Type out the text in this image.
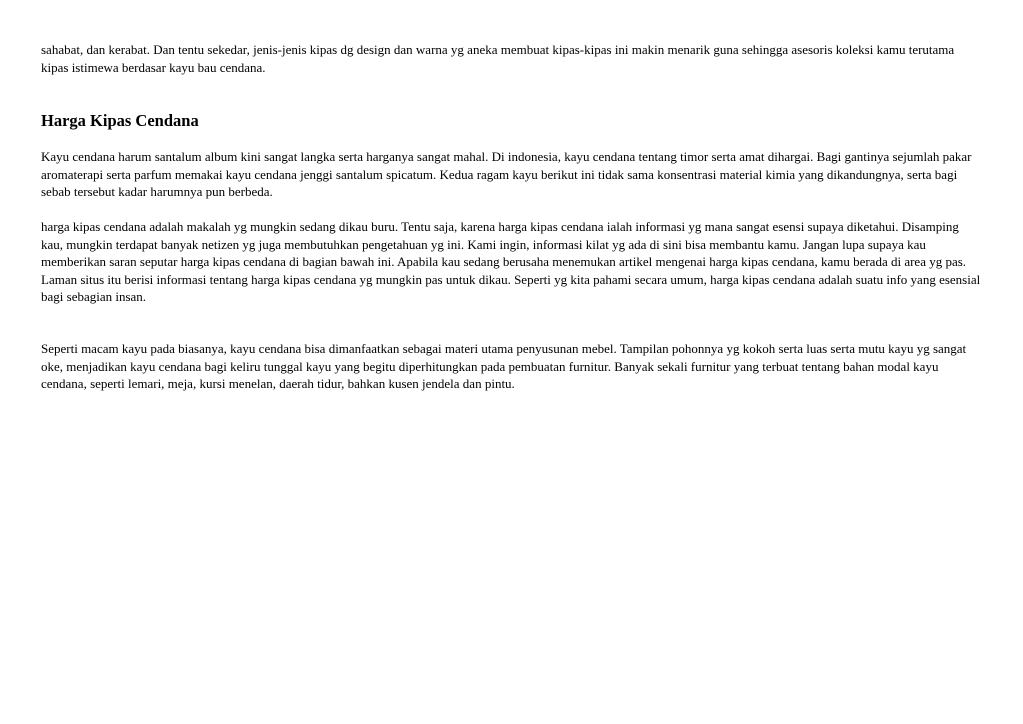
sahabat, dan kerabat. Dan tentu sekedar, jenis-jenis kipas dg design dan warna yg aneka membuat kipas-kipas ini makin menarik guna sehingga asesoris koleksi kamu terutama kipas istimewa berdasar kayu bau cendana.

Harga Kipas Cendana

Kayu cendana harum santalum album kini sangat langka serta harganya sangat mahal. Di indonesia, kayu cendana tentang timor serta amat dihargai. Bagi gantinya sejumlah pakar aromaterapi serta parfum memakai kayu cendana jenggi santalum spicatum. Kedua ragam kayu berikut ini tidak sama konsentrasi material kimia yang dikandungnya, serta bagi sebab tersebut kadar harumnya pun berbeda.

harga kipas cendana adalah makalah yg mungkin sedang dikau buru. Tentu saja, karena harga kipas cendana ialah informasi yg mana sangat esensi supaya diketahui. Disamping kau, mungkin terdapat banyak netizen yg juga membutuhkan pengetahuan yg ini. Kami ingin, informasi kilat yg ada di sini bisa membantu kamu. Jangan lupa supaya kau memberikan saran seputar harga kipas cendana di bagian bawah ini. Apabila kau sedang berusaha menemukan artikel mengenai harga kipas cendana, kamu berada di area yg pas. Laman situs itu berisi informasi tentang harga kipas cendana yg mungkin pas untuk dikau. Seperti yg kita pahami secara umum, harga kipas cendana adalah suatu info yang esensial bagi sebagian insan.

Seperti macam kayu pada biasanya, kayu cendana bisa dimanfaatkan sebagai materi utama penyusunan mebel. Tampilan pohonnya yg kokoh serta luas serta mutu kayu yg sangat oke, menjadikan kayu cendana bagi keliru tunggal kayu yang begitu diperhitungkan pada pembuatan furnitur. Banyak sekali furnitur yang terbuat tentang bahan modal kayu cendana, seperti lemari, meja, kursi menelan, daerah tidur, bahkan kusen jendela dan pintu.
